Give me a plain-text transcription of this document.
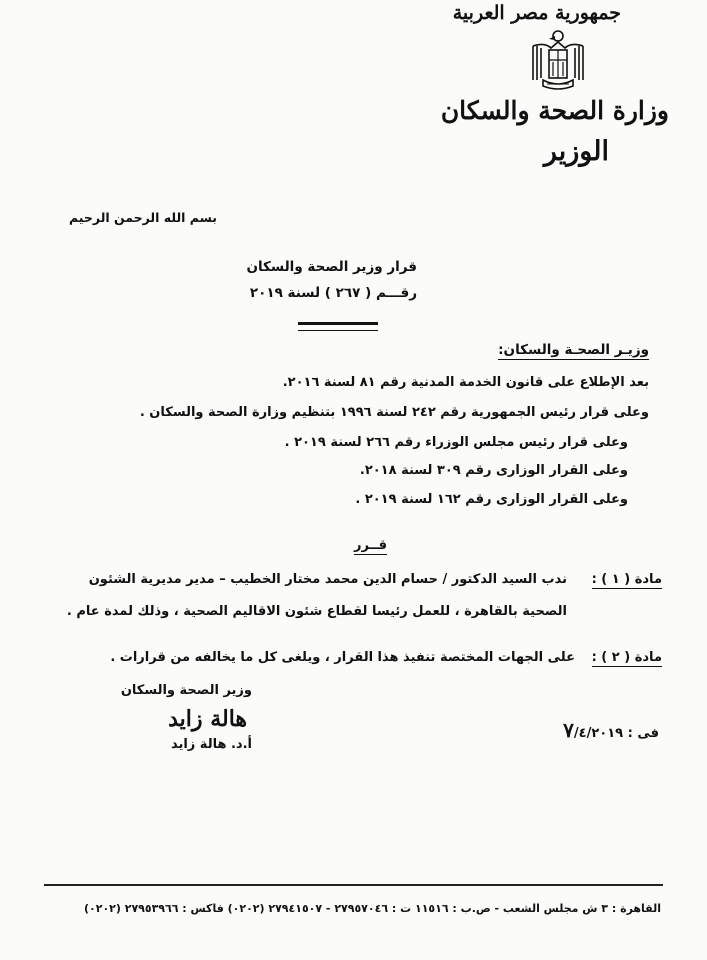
جمهورية مصر العربية
وزارة الصحة والسكان
الوزير
بسم الله الرحمن الرحيم
قرار وزير الصحة والسكان
رقـــم ( ٢٦٧ ) لسنة ٢٠١٩
وزيـر الصحـة والسكان:
بعد الإطلاع على قانون الخدمة المدنية رقم ٨١ لسنة ٢٠١٦.
وعلى قرار رئيس الجمهورية رقم ٢٤٢ لسنة ١٩٩٦ بتنظيم وزارة الصحة والسكان .
وعلى قرار رئيس مجلس الوزراء رقم ٢٦٦ لسنة ٢٠١٩ .
وعلى القرار الوزارى رقم ٣٠٩ لسنة ٢٠١٨.
وعلى القرار الوزارى رقم ١٦٢ لسنة ٢٠١٩ .
قــرر
مادة ( ١ ) :
ندب السيد الدكتور / حسام الدين محمد مختار الخطيب – مدير مديرية الشئون
الصحية بالقاهرة ، للعمل رئيسا لقطاع شئون الاقاليم الصحية ، وذلك لمدة عام .
مادة ( ٢ ) :
على الجهات المختصة تنفيذ هذا القرار ، ويلغى كل ما يخالفه من قرارات .
وزير الصحة والسكان
هالة زايد
أ.د. هالة زايد
فى : ٧/٤/٢٠١٩
القاهرة : ٣ ش مجلس الشعب - ص.ب : ١١٥١٦ ت : ٢٧٩٥٧٠٤٦ - ٢٧٩٤١٥٠٧ (٠٢٠٢) فاكس : ٢٧٩٥٣٩٦٦ (٠٢٠٢)
